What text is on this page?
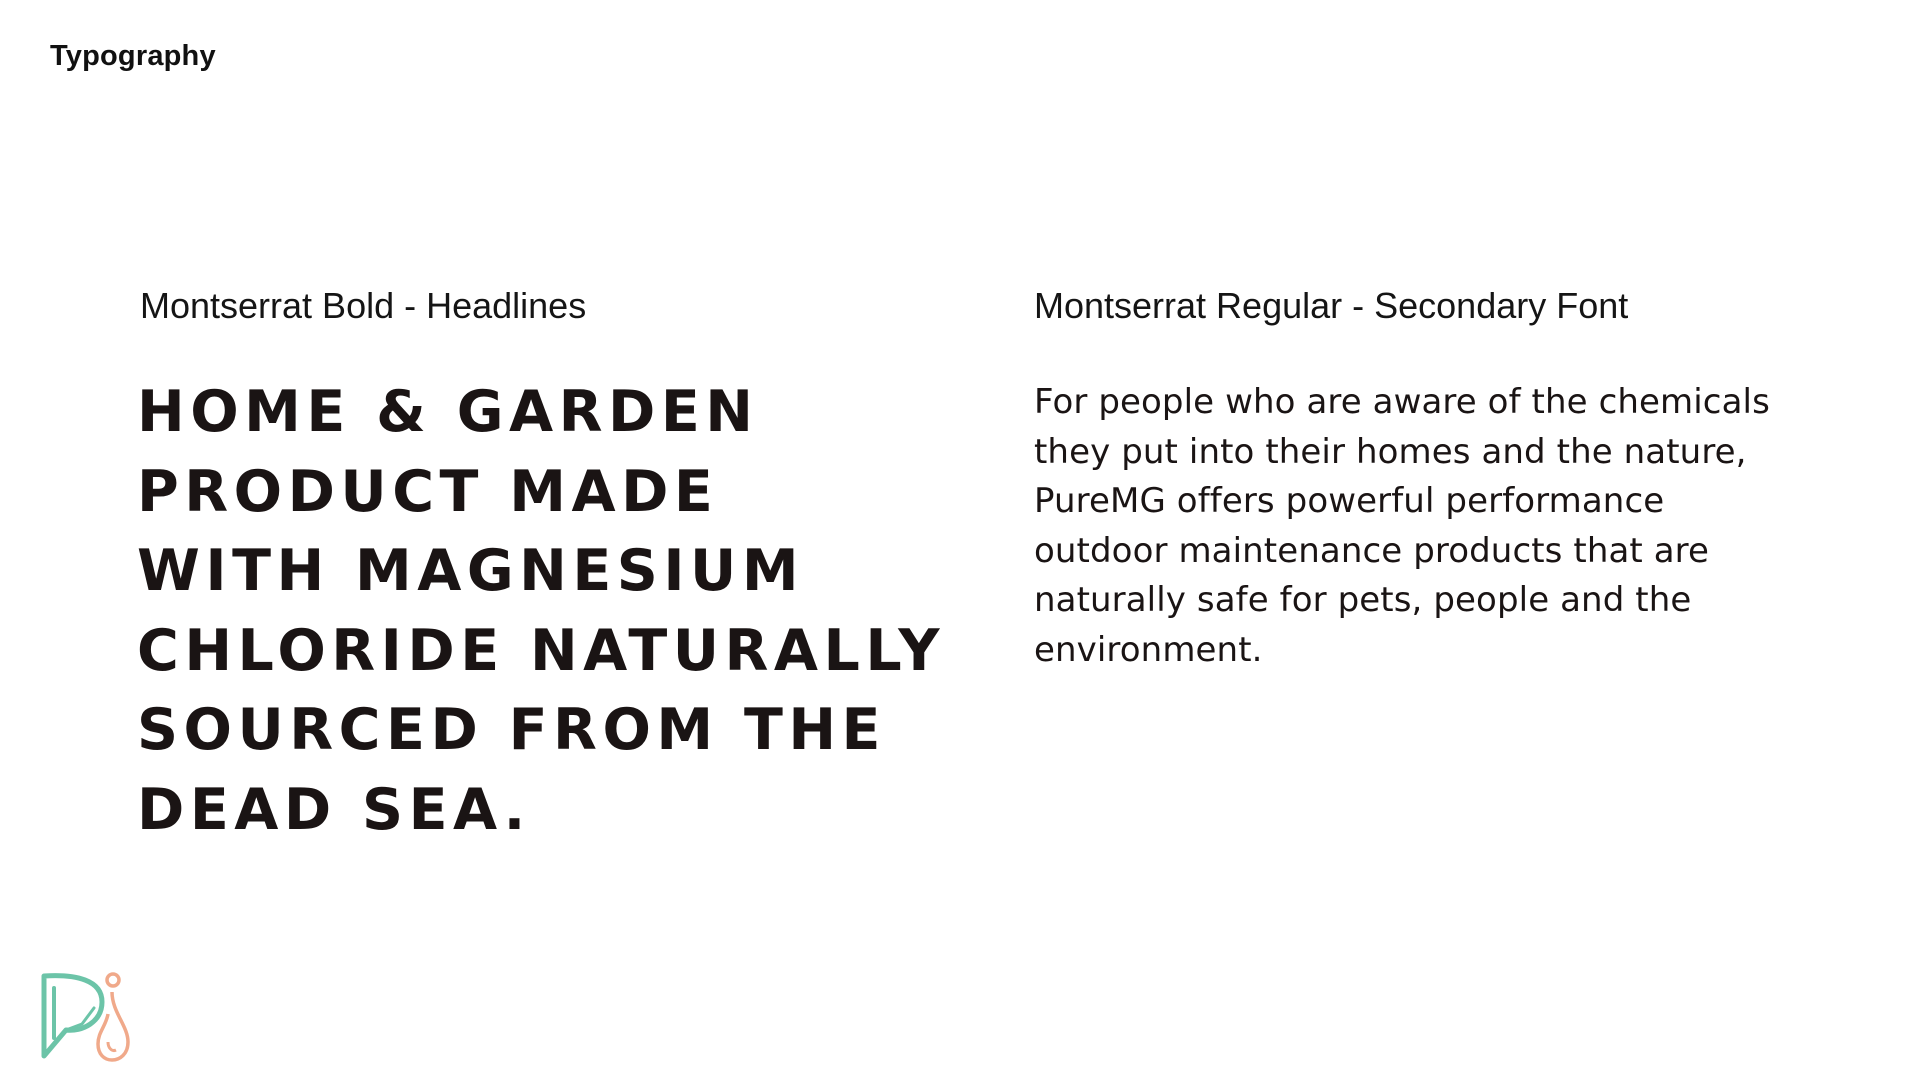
Typography
Montserrat Bold - Headlines	Montserrat Regular - Secondary Font
HOME & GARDEN
PRODUCT MADE
WITH MAGNESIUM
CHLORIDE NATURALLY
SOURCED FROM THE
DEAD SEA.
For people who are aware of the chemicals
they put into their homes and the nature,
PureMG offers powerful performance
outdoor maintenance products that are
naturally safe for pets, people and the
environment.
